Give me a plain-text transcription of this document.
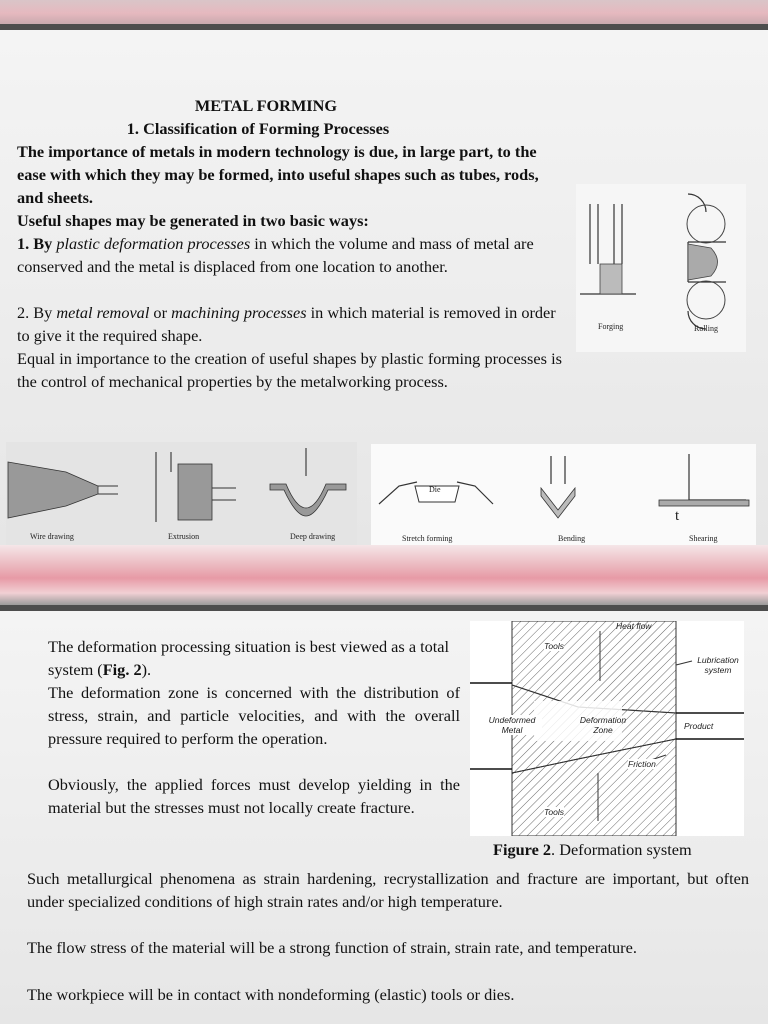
METAL FORMING
1. Classification of Forming Processes
The importance of metals in modern technology is due, in large part, to the ease with which they may be formed, into useful shapes such as tubes, rods, and sheets.
Useful shapes may be generated in two basic ways:
1. By plastic deformation processes in which the volume and mass of metal are conserved and the metal is displaced from one location to another.
2. By metal removal or machining processes in which material is removed in order to give it the required shape.
Equal in importance to the creation of useful shapes by plastic forming processes is the control of mechanical properties by the metalworking process.
Forging	Rolling
Wire drawing	Extrusion	Deep drawing
Die
t
Stretch forming	Bending	Shearing
The deformation processing situation is best viewed as a total system (Fig. 2).
The deformation zone is concerned with the distribution of stress, strain, and particle velocities, and with the overall pressure required to perform the operation.
Obviously, the applied forces must develop yielding in the material but the stresses must not locally create fracture.
Heat flow
Tools
Lubrication system
Undeformed Metal
Deformation Zone	Product
Friction
Tools
Figure 2. Deformation system
Such metallurgical phenomena as strain hardening, recrystallization and fracture are important, but often under specialized conditions of high strain rates and/or high temperature.
The flow stress of the material will be a strong function of strain, strain rate, and temperature.
The workpiece will be in contact with nondeforming (elastic) tools or dies.
